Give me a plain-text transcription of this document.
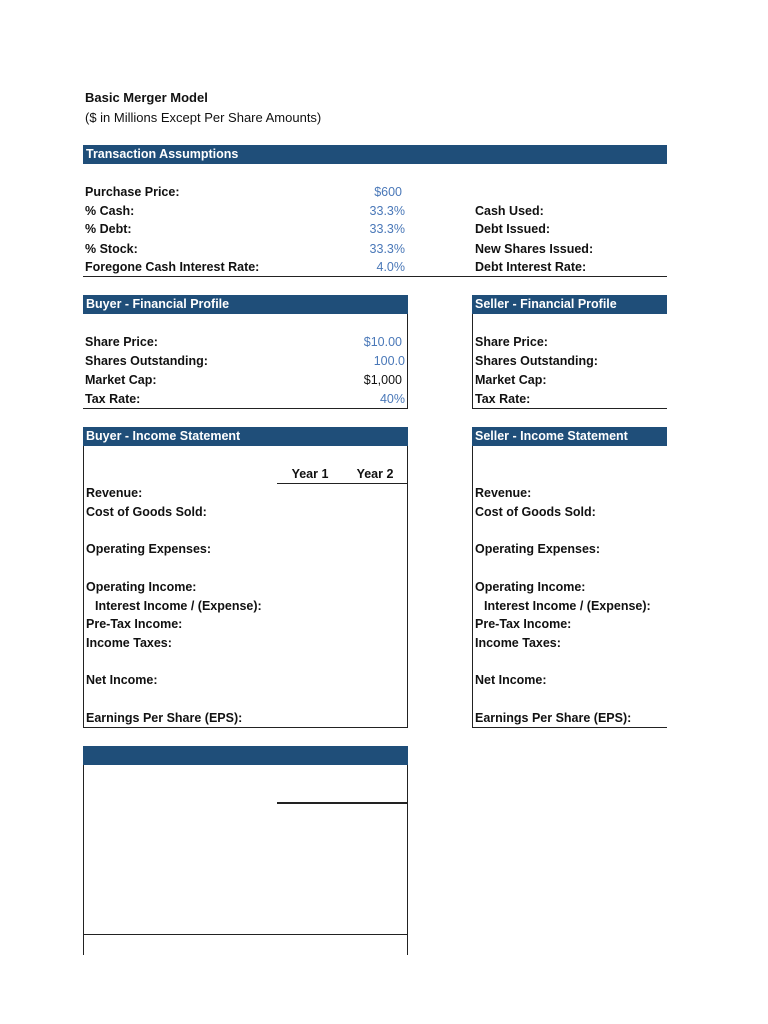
Basic Merger Model
($ in Millions Except Per Share Amounts)
Transaction Assumptions
Purchase Price:	$600
% Cash:	33.3%	Cash Used:
% Debt:	33.3%	Debt Issued:
% Stock:	33.3%	New Shares Issued:
Foregone Cash Interest Rate:	4.0%	Debt Interest Rate:
Buyer - Financial Profile
Share Price:	$10.00
Shares Outstanding:	100.0
Market Cap:	$1,000
Tax Rate:	40%
Seller - Financial Profile
Share Price:
Shares Outstanding:
Market Cap:
Tax Rate:
Buyer - Income Statement
Year 1	Year 2
Revenue:
Cost of Goods Sold:
Operating Expenses:
Operating Income:
Interest Income / (Expense):
Pre-Tax Income:
Income Taxes:
Net Income:
Earnings Per Share (EPS):
Seller - Income Statement
Revenue:
Cost of Goods Sold:
Operating Expenses:
Operating Income:
Interest Income / (Expense):
Pre-Tax Income:
Income Taxes:
Net Income:
Earnings Per Share (EPS):
